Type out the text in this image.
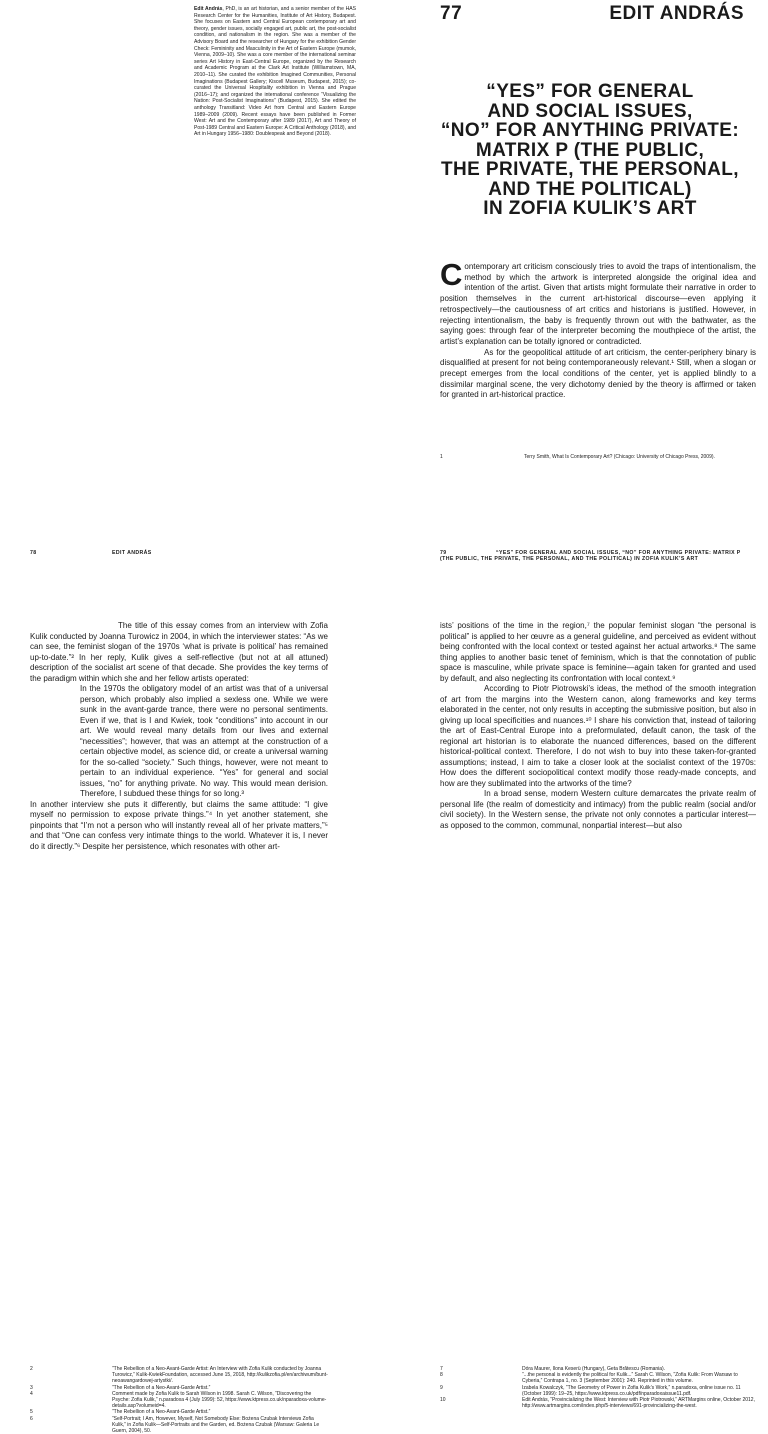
Edit András, PhD, is an art historian, and a senior member of the HAS Research Center for the Humanities, Institute of Art History, Budapest. She focuses on Eastern and Central European contemporary art and theory, gender issues, socially engaged art, public art, the post-socialist condition, and nationalism in the region. She was a member of the Advisory Board and the researcher of Hungary for the exhibition Gender Check: Femininity and Masculinity in the Art of Eastern Europe (mumok, Vienna, 2009–10). She was a core member of the international seminar series Art History in East-Central Europe, organized by the Research and Academic Program at the Clark Art Institute (Williamstown, MA, 2010–11). She curated the exhibition Imagined Communities, Personal Imaginations (Budapest Gallery; Kiscell Museum, Budapest, 2015); co-curated the Universal Hospitality exhibition in Vienna and Prague (2016–17); and organized the international conference “Visualizing the Nation: Post-Socialist Imaginations” (Budapest, 2015). She edited the anthology Transitland: Video Art from Central and Eastern Europe 1989–2009 (2009). Recent essays have been published in Former West: Art and the Contemporary after 1989 (2017), Art and Theory of Post-1989 Central and Eastern Europe: A Critical Anthology (2018), and Art in Hungary 1956–1980: Doublespeak and Beyond (2018).
77	EDIT ANDRÁS
“YES” FOR GENERAL
AND SOCIAL ISSUES,
“NO” FOR ANYTHING PRIVATE:
MATRIX P (THE PUBLIC,
THE PRIVATE, THE PERSONAL,
AND THE POLITICAL)
IN ZOFIA KULIK’S ART

Contemporary art criticism consciously tries to avoid the traps of intentionalism, the method by which the artwork is interpreted alongside the original idea and intention of the artist. Given that artists might formulate their narrative in order to position themselves in the current art-historical discourse—even applying it retrospectively—the cautiousness of art critics and historians is justified. However, in rejecting intentionalism, the baby is frequently thrown out with the bathwater, as the saying goes: through fear of the interpreter becoming the mouthpiece of the artist, the artist’s explanation can be totally ignored or contradicted.

As for the geopolitical attitude of art criticism, the center-periphery binary is disqualified at present for not being contemporaneously relevant.¹ Still, when a slogan or precept emerges from the local conditions of the center, yet is applied blindly to a dissimilar marginal scene, the very dichotomy denied by the theory is affirmed or taken for granted in art-historical practice.

1	Terry Smith, What Is Contemporary Art? (Chicago: University of Chicago Press, 2009).
78	EDIT ANDRÁS	79	“YES” FOR GENERAL AND SOCIAL ISSUES, “NO” FOR ANYTHING PRIVATE: MATRIX P (THE PUBLIC, THE PRIVATE, THE PERSONAL, AND THE POLITICAL) IN ZOFIA KULIK’S ART

The title of this essay comes from an interview with Zofia Kulik conducted by Joanna Turowicz in 2004, in which the interviewer states: “As we can see, the feminist slogan of the 1970s ‘what is private is political’ has remained up-to-date.”² In her reply, Kulik gives a self-reflective (but not at all attuned) description of the socialist art scene of that decade. She provides the key terms of the paradigm within which she and her fellow artists operated:

In the 1970s the obligatory model of an artist was that of a universal person, which probably also implied a sexless one. While we were sunk in the avant-garde trance, there were no personal sentiments. Even if we, that is I and Kwiek, took “conditions” into account in our art. We would reveal many details from our lives and external “necessities”; however, that was an attempt at the construction of a certain objective model, as science did, or create a universal warning for the so-called “society.” Such things, however, were not meant to pertain to an individual experience. “Yes” for general and social issues, “no” for anything private. No way. This would mean derision. Therefore, I subdued these things for so long.³

In another interview she puts it differently, but claims the same attitude: “I give myself no permission to expose private things.”⁴ In yet another statement, she pinpoints that “I’m not a person who will instantly reveal all of her private matters,”⁵ and that “One can confess very intimate things to the world. Whatever it is, I never do it directly.”⁶ Despite her persistence, which resonates with other art-

ists’ positions of the time in the region,⁷ the popular feminist slogan “the personal is political” is applied to her œuvre as a general guideline, and perceived as evident without being confronted with the local context or tested against her actual artworks.⁸ The same thing applies to another basic tenet of feminism, which is that the connotation of public space is masculine, while private space is feminine—again taken for granted and used by default, and also neglecting its confrontation with local context.⁹

According to Piotr Piotrowski’s ideas, the method of the smooth integration of art from the margins into the Western canon, along frameworks and key terms elaborated in the center, not only results in accepting the submissive position, but also in giving up local specificities and nuances.¹⁰ I share his conviction that, instead of tailoring the art of East-Central Europe into a preformulated, default canon, the task of the regional art historian is to elaborate the nuanced differences, based on the different historical-political context. Therefore, I do not wish to buy into these taken-for-granted assumptions; instead, I aim to take a closer look at the socialist context of the 1970s: How does the different sociopolitical context modify those ready-made concepts, and how are they sublimated into the artworks of the time?

In a broad sense, modern Western culture demarcates the private realm of personal life (the realm of domesticity and intimacy) from the public realm (social and/or civil society). In the Western sense, the private not only connotes a particular interest—as opposed to the common, communal, nonpartial interest—but also

2	“The Rebellion of a Neo-Avant-Garde Artist: An Interview with Zofia Kulik conducted by Joanna Turowicz,” Kulik-KwiekFoundation, accessed June 15, 2018, http://kulikzofia.pl/en/archiwum/bunt-neoawangardowej-artystki/.
3	“The Rebellion of a Neo-Avant-Garde Artist.”
4	Comment made by Zofia Kulik to Sarah Wilson in 1998. Sarah C. Wilson, “Discovering the Psyche: Zofia Kulik,” n.paradoxa 4 (July 1999): 52, https://www.ktpress.co.uk/nparadoxa-volume-details.asp?volumeid=4.
5	“The Rebellion of a Neo-Avant-Garde Artist.”
6	“Self-Portrait; I Am, However, Myself, Not Somebody Else: Bożena Czubak Interviews Zofia Kulik,” in Zofia Kulik—Self-Portraits and the Garden, ed. Bożena Czubak (Warsaw: Galeria Le Guern, 2004), 50.
7	Dóra Maurer, Ilona Keserü (Hungary), Geta Brătescu (Romania).
8	“...the personal is evidently the political for Kulik...” Sarah C. Wilson, “Zofia Kulik: From Warsaw to Cyberia,” Contrapa 1, no. 3 (September 2001): 240. Reprinted in this volume.
9	Izabela Kowalczyk, “The Geometry of Power in Zofia Kulik’s Work,” n.paradoxa, online issue no. 11 (October 1999): 19–25, https://www.ktpress.co.uk/pdf/nparadoxaissue11.pdf.
10	Edit András, “Provincializing the West: Interview with Piotr Piotrowski,” ARTMargins online, October 2012, http://www.artmargins.com/index.php/5-interviews/691-provincializing-the-west.
